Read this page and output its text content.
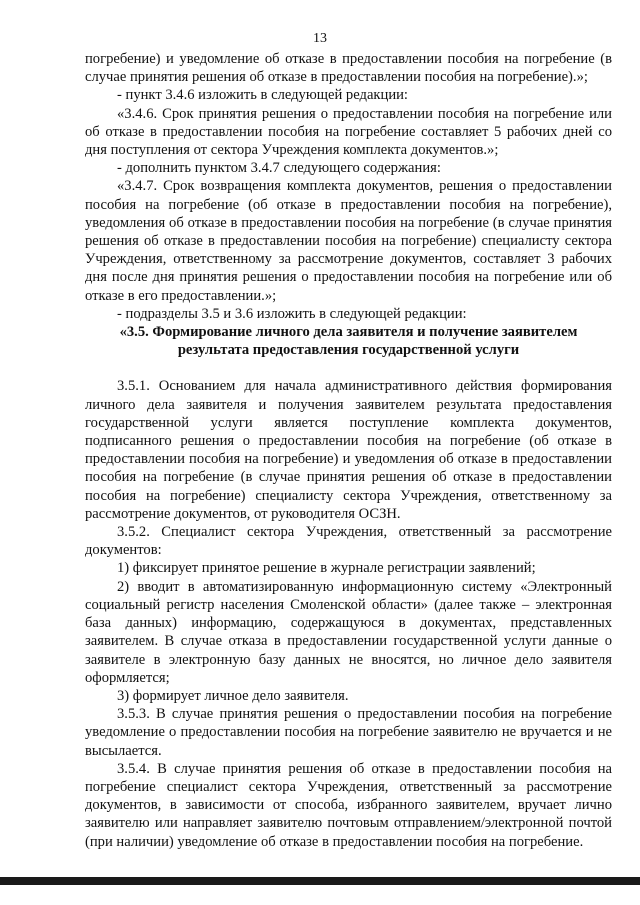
13

погребение) и уведомление об отказе в предоставлении пособия на погребение (в случае принятия решения об отказе в предоставлении пособия на погребение).»;

- пункт 3.4.6 изложить в следующей редакции:

«3.4.6. Срок принятия решения о предоставлении пособия на погребение или об отказе в предоставлении пособия на погребение составляет 5 рабочих дней со дня поступления от сектора Учреждения комплекта документов.»;

- дополнить пунктом 3.4.7 следующего содержания:

«3.4.7. Срок возвращения комплекта документов, решения о предоставлении пособия на погребение (об отказе в предоставлении пособия на погребение), уведомления об отказе в предоставлении пособия на погребение (в случае принятия решения об отказе в предоставлении пособия на погребение) специалисту сектора Учреждения, ответственному за рассмотрение документов, составляет 3 рабочих дня после дня принятия решения о предоставлении пособия на погребение или об отказе в его предоставлении.»;

- подразделы 3.5 и 3.6 изложить в следующей редакции:

«3.5. Формирование личного дела заявителя и получение заявителем результата предоставления государственной услуги

3.5.1. Основанием для начала административного действия формирования личного дела заявителя и получения заявителем результата предоставления государственной услуги является поступление комплекта документов, подписанного решения о предоставлении пособия на погребение (об отказе в предоставлении пособия на погребение) и уведомления об отказе в предоставлении пособия на погребение (в случае принятия решения об отказе в предоставлении пособия на погребение) специалисту сектора Учреждения, ответственному за рассмотрение документов, от руководителя ОСЗН.

3.5.2. Специалист сектора Учреждения, ответственный за рассмотрение документов:

1) фиксирует принятое решение в журнале регистрации заявлений;

2) вводит в автоматизированную информационную систему «Электронный социальный регистр населения Смоленской области» (далее также – электронная база данных) информацию, содержащуюся в документах, представленных заявителем. В случае отказа в предоставлении государственной услуги данные о заявителе в электронную базу данных не вносятся, но личное дело заявителя оформляется;

3) формирует личное дело заявителя.

3.5.3. В случае принятия решения о предоставлении пособия на погребение уведомление о предоставлении пособия на погребение заявителю не вручается и не высылается.

3.5.4. В случае принятия решения об отказе в предоставлении пособия на погребение специалист сектора Учреждения, ответственный за рассмотрение документов, в зависимости от способа, избранного заявителем, вручает лично заявителю или направляет заявителю почтовым отправлением/электронной почтой (при наличии) уведомление об отказе в предоставлении пособия на погребение.
